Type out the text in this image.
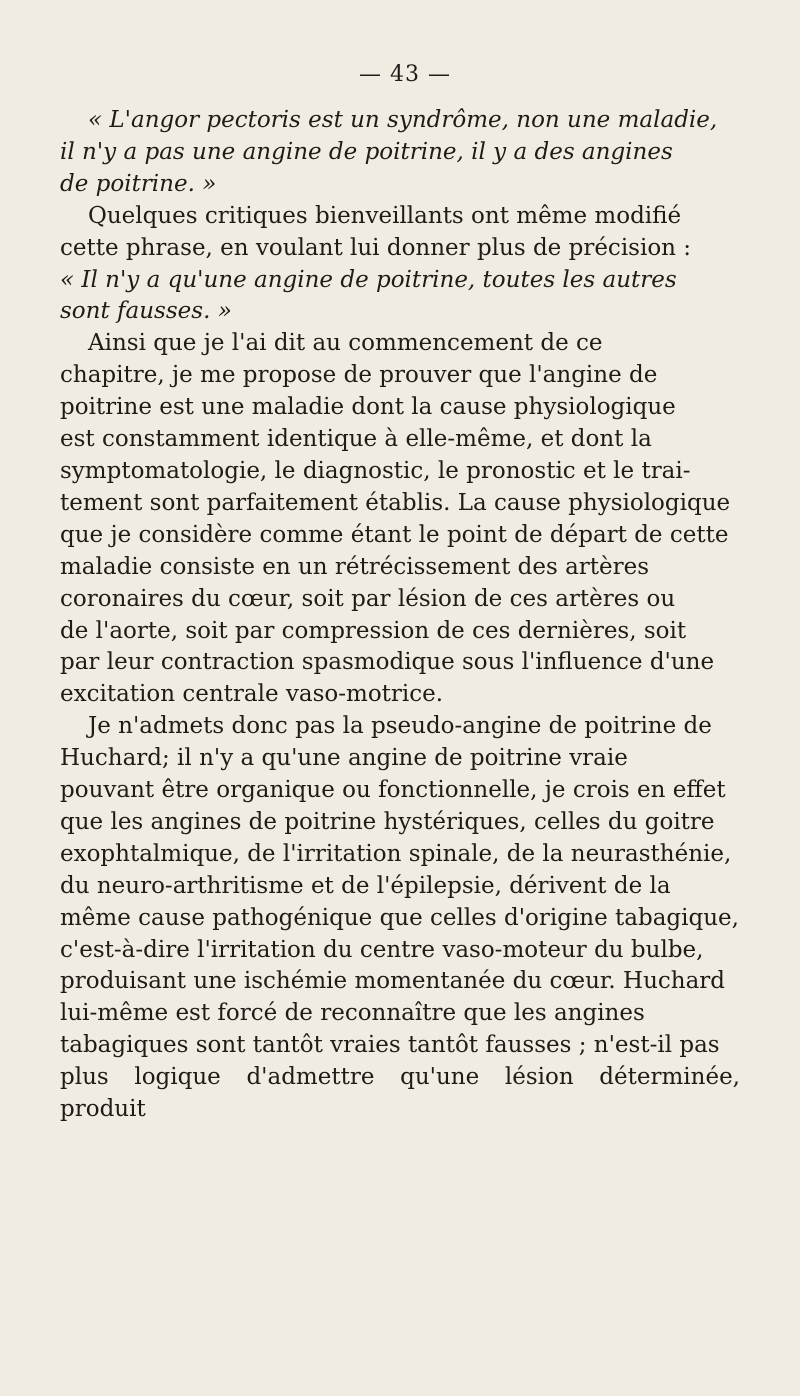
— 43 —
« L'angor pectoris est un syndrôme, non une maladie,
il n'y a pas une angine de poitrine, il y a des angines
de poitrine. »
Quelques critiques bienveillants ont même modifié
cette phrase, en voulant lui donner plus de précision :
« Il n'y a qu'une angine de poitrine, toutes les autres
sont fausses. »
Ainsi que je l'ai dit au commencement de ce
chapitre, je me propose de prouver que l'angine de
poitrine est une maladie dont la cause physiologique
est constamment identique à elle-même, et dont la
symptomatologie, le diagnostic, le pronostic et le trai-
tement sont parfaitement établis. La cause physiologique
que je considère comme étant le point de départ de cette
maladie consiste en un rétrécissement des artères
coronaires du cœur, soit par lésion de ces artères ou
de l'aorte, soit par compression de ces dernières, soit
par leur contraction spasmodique sous l'influence d'une
excitation centrale vaso-motrice.
Je n'admets donc pas la pseudo-angine de poitrine de
Huchard; il n'y a qu'une angine de poitrine vraie
pouvant être organique ou fonctionnelle, je crois en effet
que les angines de poitrine hystériques, celles du goitre
exophtalmique, de l'irritation spinale, de la neurasthénie,
du neuro-arthritisme et de l'épilepsie, dérivent de la
même cause pathogénique que celles d'origine tabagique,
c'est-à-dire l'irritation du centre vaso-moteur du bulbe,
produisant une ischémie momentanée du cœur. Huchard
lui-même est forcé de reconnaître que les angines
tabagiques sont tantôt vraies tantôt fausses ; n'est-il pas
plus logique d'admettre qu'une lésion déterminée, produit
